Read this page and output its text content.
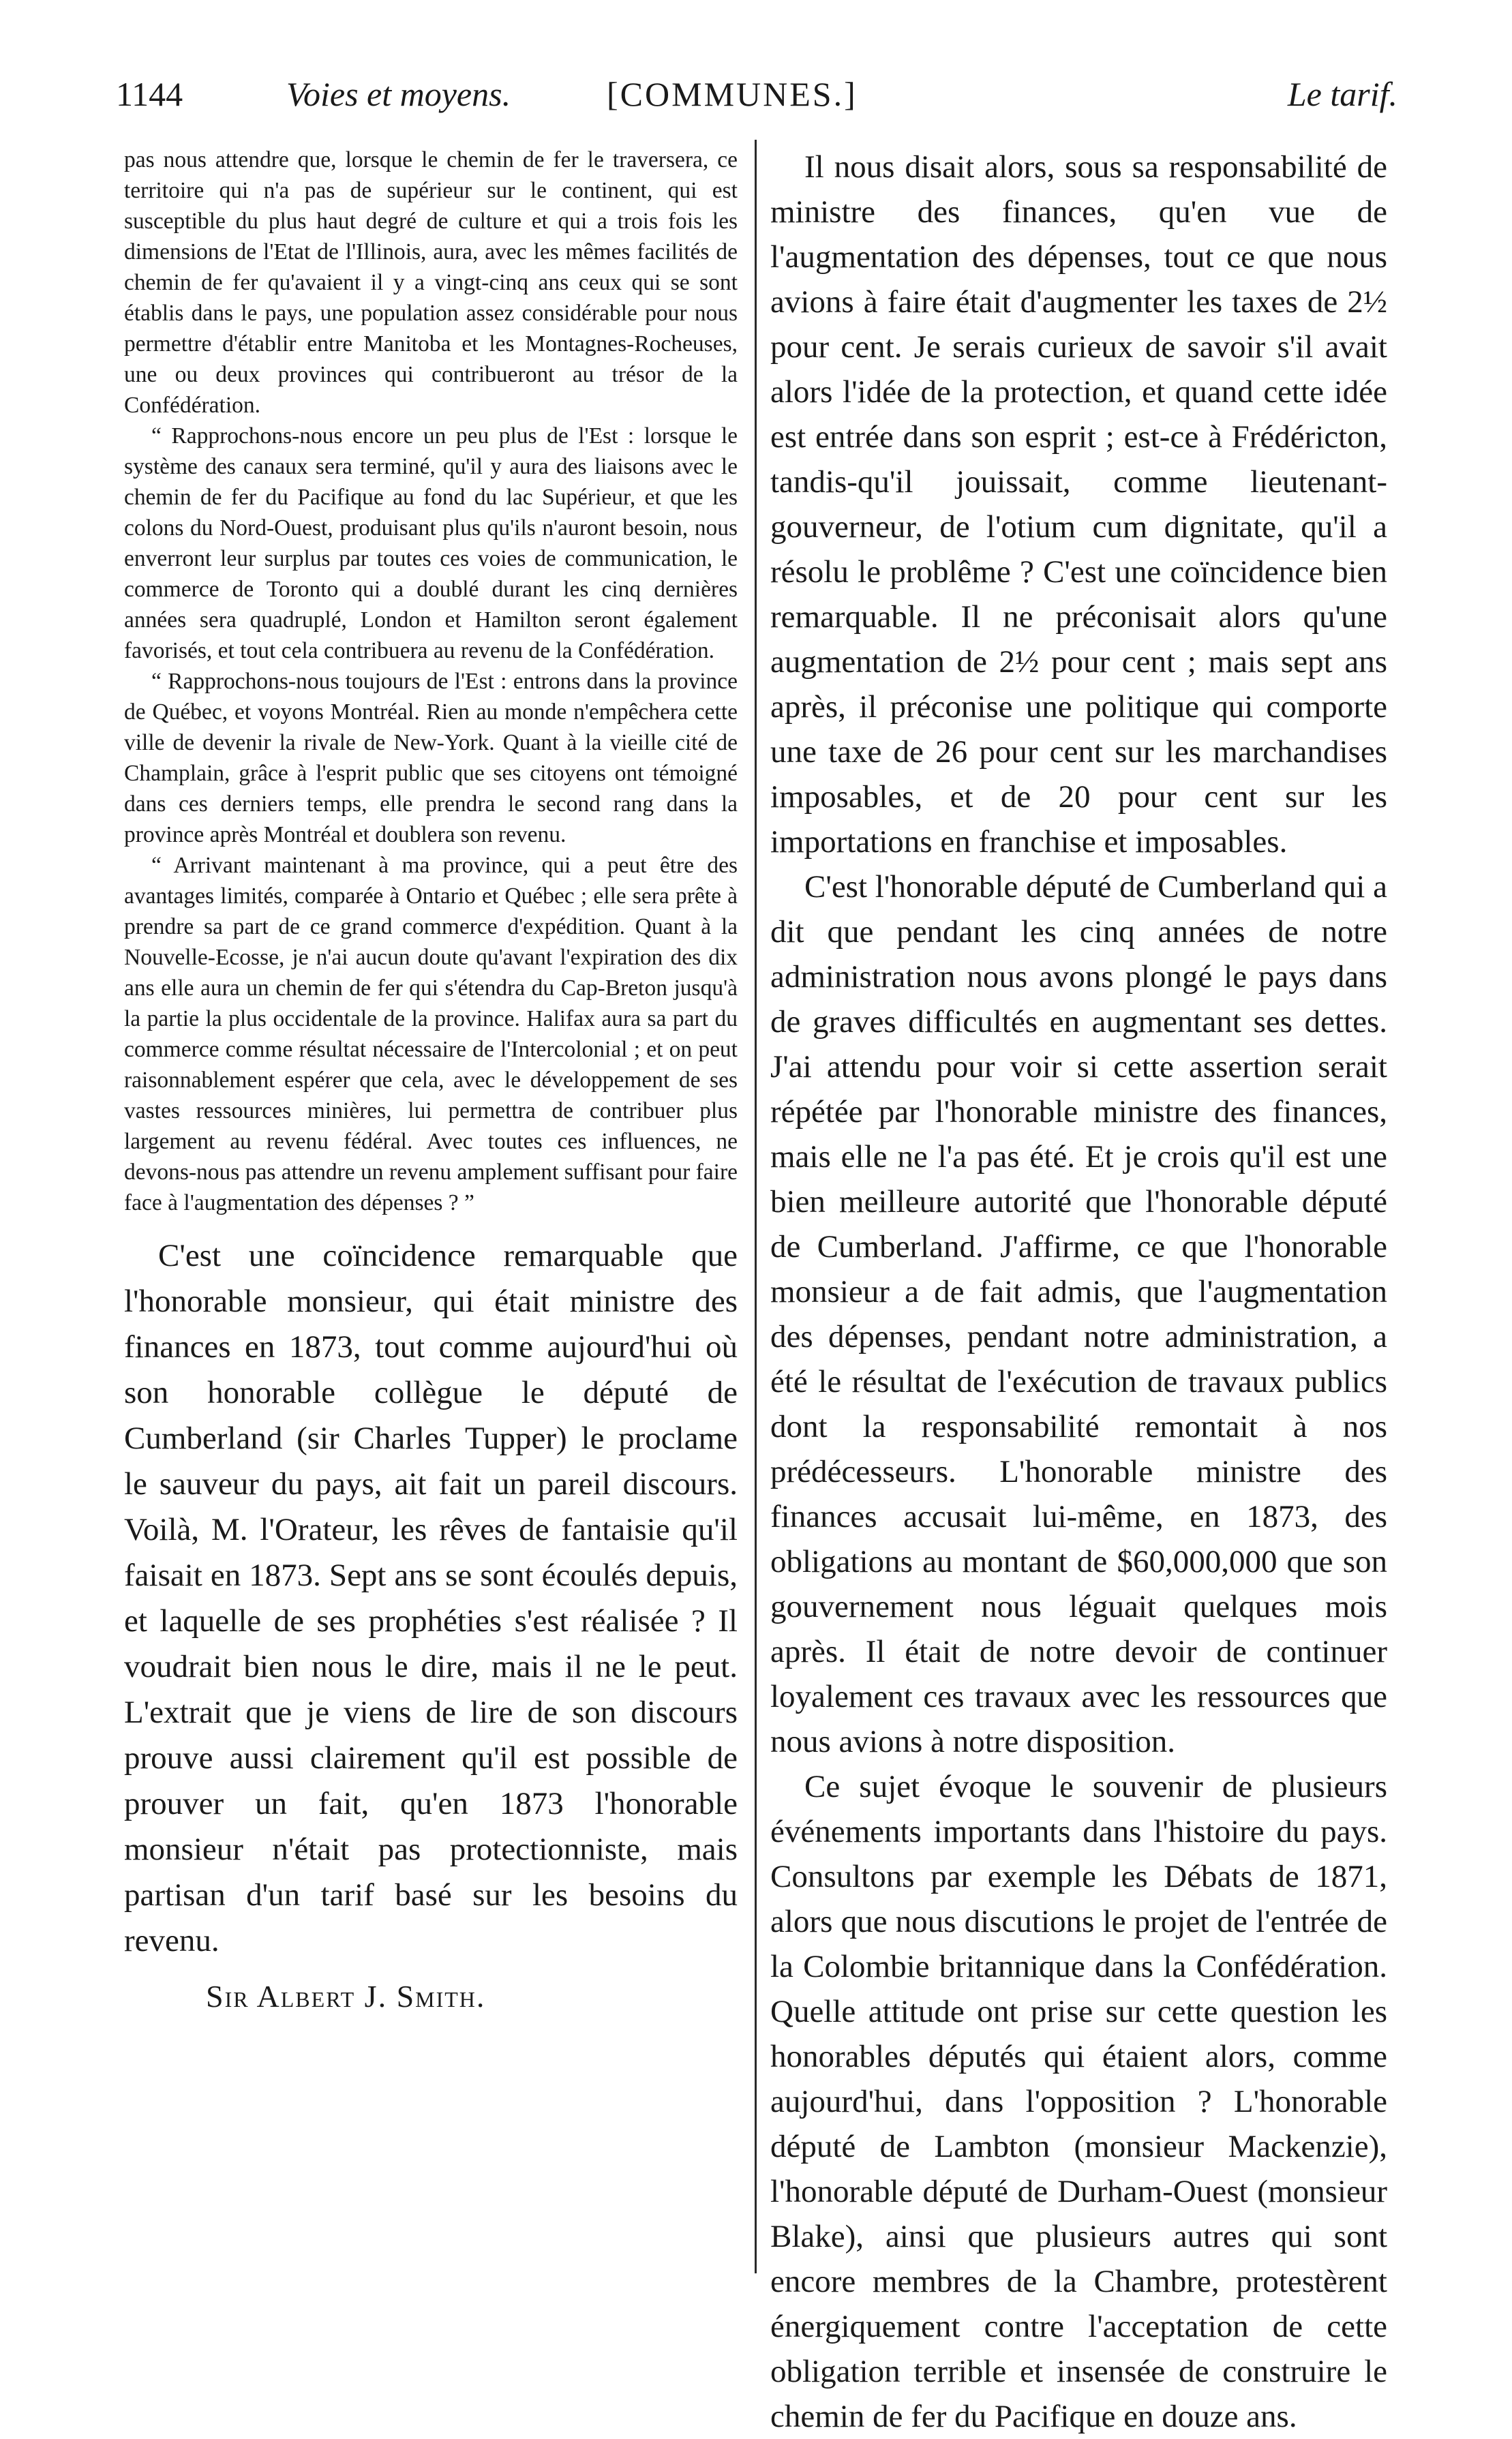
1144	Voies et moyens.	[COMMUNES.]	Le tarif.

pas nous attendre que, lorsque le chemin de fer le traversera, ce territoire qui n'a pas de supérieur sur le continent, qui est susceptible du plus haut degré de culture et qui a trois fois les dimensions de l'Etat de l'Illinois, aura, avec les mêmes facilités de chemin de fer qu'avaient il y a vingt-cinq ans ceux qui se sont établis dans le pays, une population assez considérable pour nous permettre d'établir entre Manitoba et les Montagnes-Rocheuses, une ou deux provinces qui contribueront au trésor de la Confédération.

“ Rapprochons-nous encore un peu plus de l'Est : lorsque le système des canaux sera terminé, qu'il y aura des liaisons avec le chemin de fer du Pacifique au fond du lac Supérieur, et que les colons du Nord-Ouest, produisant plus qu'ils n'auront besoin, nous enverront leur surplus par toutes ces voies de communication, le commerce de Toronto qui a doublé durant les cinq dernières années sera quadruplé, London et Hamilton seront également favorisés, et tout cela contribuera au revenu de la Confédération.

“ Rapprochons-nous toujours de l'Est : entrons dans la province de Québec, et voyons Montréal. Rien au monde n'empêchera cette ville de devenir la rivale de New-York. Quant à la vieille cité de Champlain, grâce à l'esprit public que ses citoyens ont témoigné dans ces derniers temps, elle prendra le second rang dans la province après Montréal et doublera son revenu.

“ Arrivant maintenant à ma province, qui a peut être des avantages limités, comparée à Ontario et Québec ; elle sera prête à prendre sa part de ce grand commerce d'expédition. Quant à la Nouvelle-Ecosse, je n'ai aucun doute qu'avant l'expiration des dix ans elle aura un chemin de fer qui s'étendra du Cap-Breton jusqu'à la partie la plus occidentale de la province. Halifax aura sa part du commerce comme résultat nécessaire de l'Intercolonial ; et on peut raisonnablement espérer que cela, avec le développement de ses vastes ressources minières, lui permettra de contribuer plus largement au revenu fédéral. Avec toutes ces influences, ne devons-nous pas attendre un revenu amplement suffisant pour faire face à l'augmentation des dépenses ? ”

C'est une coïncidence remarquable que l'honorable monsieur, qui était ministre des finances en 1873, tout comme aujourd'hui où son honorable collègue le député de Cumberland (sir Charles Tupper) le proclame le sauveur du pays, ait fait un pareil discours. Voilà, M. l'Orateur, les rêves de fantaisie qu'il faisait en 1873. Sept ans se sont écoulés depuis, et laquelle de ses prophéties s'est réalisée ? Il voudrait bien nous le dire, mais il ne le peut. L'extrait que je viens de lire de son discours prouve aussi clairement qu'il est possible de prouver un fait, qu'en 1873 l'honorable monsieur n'était pas protectionniste, mais partisan d'un tarif basé sur les besoins du revenu.

Sir Albert J. Smith.

Il nous disait alors, sous sa responsabilité de ministre des finances, qu'en vue de l'augmentation des dépenses, tout ce que nous avions à faire était d'augmenter les taxes de 2½ pour cent. Je serais curieux de savoir s'il avait alors l'idée de la protection, et quand cette idée est entrée dans son esprit ; est-ce à Frédéricton, tandis-qu'il jouissait, comme lieutenant-gouverneur, de l'otium cum dignitate, qu'il a résolu le problême ? C'est une coïncidence bien remarquable. Il ne préconisait alors qu'une augmentation de 2½ pour cent ; mais sept ans après, il préconise une politique qui comporte une taxe de 26 pour cent sur les marchandises imposables, et de 20 pour cent sur les importations en franchise et imposables.

C'est l'honorable député de Cumberland qui a dit que pendant les cinq années de notre administration nous avons plongé le pays dans de graves difficultés en augmentant ses dettes. J'ai attendu pour voir si cette assertion serait répétée par l'honorable ministre des finances, mais elle ne l'a pas été. Et je crois qu'il est une bien meilleure autorité que l'honorable député de Cumberland. J'affirme, ce que l'honorable monsieur a de fait admis, que l'augmentation des dépenses, pendant notre administration, a été le résultat de l'exécution de travaux publics dont la responsabilité remontait à nos prédécesseurs. L'honorable ministre des finances accusait lui-même, en 1873, des obligations au montant de $60,000,000 que son gouvernement nous léguait quelques mois après. Il était de notre devoir de continuer loyalement ces travaux avec les ressources que nous avions à notre disposition.

Ce sujet évoque le souvenir de plusieurs événements importants dans l'histoire du pays. Consultons par exemple les Débats de 1871, alors que nous discutions le projet de l'entrée de la Colombie britannique dans la Confédération. Quelle attitude ont prise sur cette question les honorables députés qui étaient alors, comme aujourd'hui, dans l'opposition ? L'honorable député de Lambton (monsieur Mackenzie), l'honorable député de Durham-Ouest (monsieur Blake), ainsi que plusieurs autres qui sont encore membres de la Chambre, protestèrent énergiquement contre l'acceptation de cette obligation terrible et insensée de construire le chemin de fer du Pacifique en douze ans.
